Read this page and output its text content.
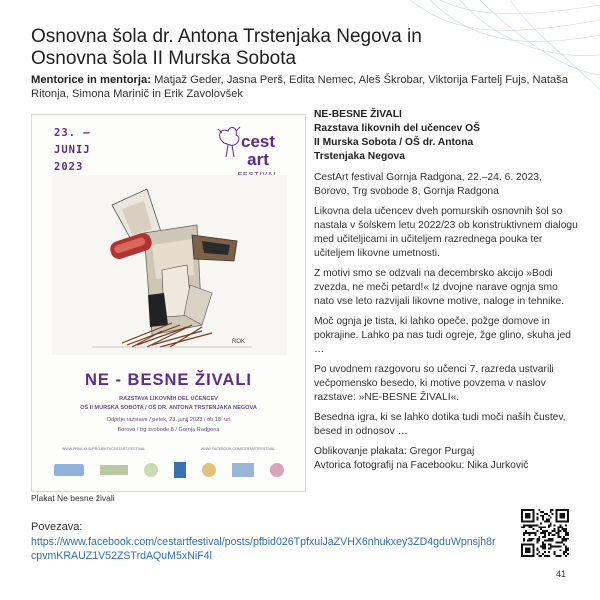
Osnovna šola dr. Antona Trstenjaka Negova in
Osnovna šola II Murska Sobota
Mentorice in mentorja: Matjaž Geder, Jasna Perš, Edita Nemec, Aleš Škrobar, Viktorija Fartelj Fujs, Nataša Ritonja, Simona Marinič in Erik Zavolovšek
23. –
JUNIJ
2023
cest
art
ROK
NE - BESNE ŽIVALI
RAZSTAVA LIKOVNIH DEL UČENCEV
OŠ II MURSKA SOBOTA / OŠ DR. ANTONA TRSTENJAKA NEGOVA
Odprtje razstave / petek, 23. junij 2023 / ob 18. uri
Borovo / trg svobode 8 / Gornja Radgona
WWW.PRVA-KI.SI/PROJEKTI/CESTART-FESTIVAL	WWW.FACEBOOK.COM/CESTARTFESTIVAL
Plakat Ne besne živali
NE-BESNE ŽIVALI
Razstava likovnih del učencev OŠ
II Murska Sobota / OŠ dr. Antona
Trstenjaka Negova

CestArt festival Gornja Radgona, 22.–24. 6. 2023, Borovo, Trg svobode 8, Gornja Radgona

Likovna dela učencev dveh pomurskih osnovnih šol so nastala v šolskem letu 2022/23 ob konstruktivnem dialogu med učiteljicami in učiteljem razrednega pouka ter učiteljem likovne umetnosti.

Z motivi smo se odzvali na decembrsko akcijo »Bodi zvezda, ne meči petard!« Iz dvojne narave ognja smo nato vse leto razvijali likovne motive, naloge in tehnike.

Moč ognja je tista, ki lahko opeče, požge domove in pokrajine. Lahko pa nas tudi ogreje, žge glino, skuha jed …

Po uvodnem razgovoru so učenci 7. razreda ustvarili večpomensko besedo, ki motive povzema v naslov razstave: »NE-BESNE ŽIVALI«.

Besedna igra, ki se lahko dotika tudi moči naših čustev, besed in odnosov …

Oblikovanje plakata: Gregor Purgaj
Avtorica fotografij na Facebooku: Nika Jurkovič
Povezava:
https://www.facebook.com/cestartfestival/posts/pfbid026TpfxuiJaZVHX6nhukxey3ZD4gduWpnsjh8r
cpvmKRAUZ1V52ZSTrdAQuM5xNiF4l
41
